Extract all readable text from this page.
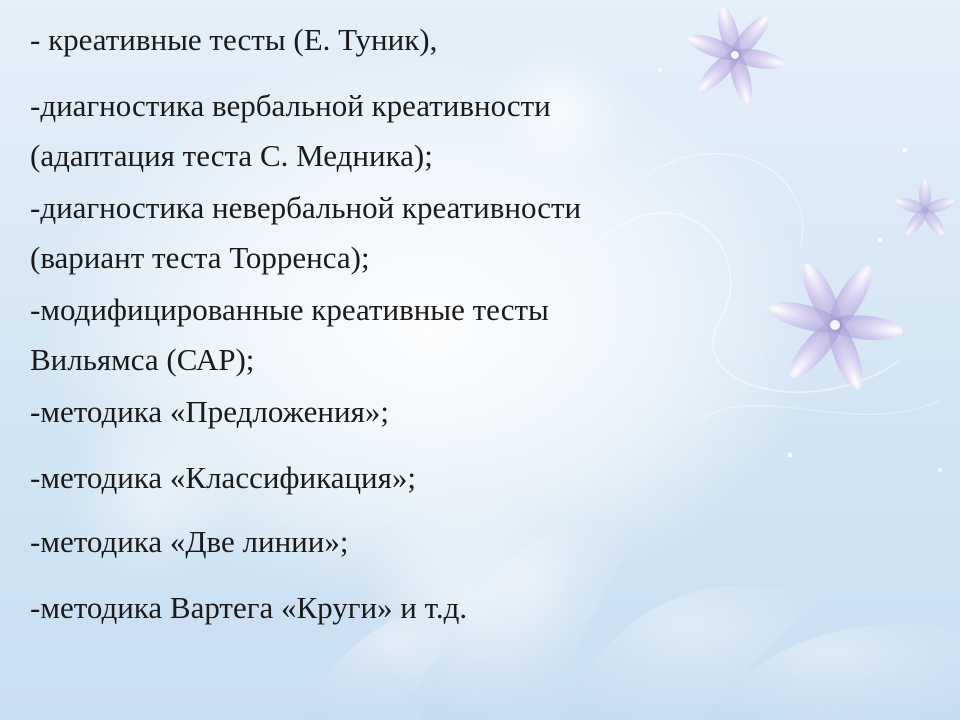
- креативные тесты (Е. Туник),
-диагностика вербальной креативности
(адаптация теста С. Медника);
-диагностика невербальной креативности
(вариант теста Торренса);
-модифицированные креативные тесты
Вильямса (САР);
-методика «Предложения»;
-методика «Классификация»;
-методика «Две линии»;
-методика Вартега «Круги» и т.д.
